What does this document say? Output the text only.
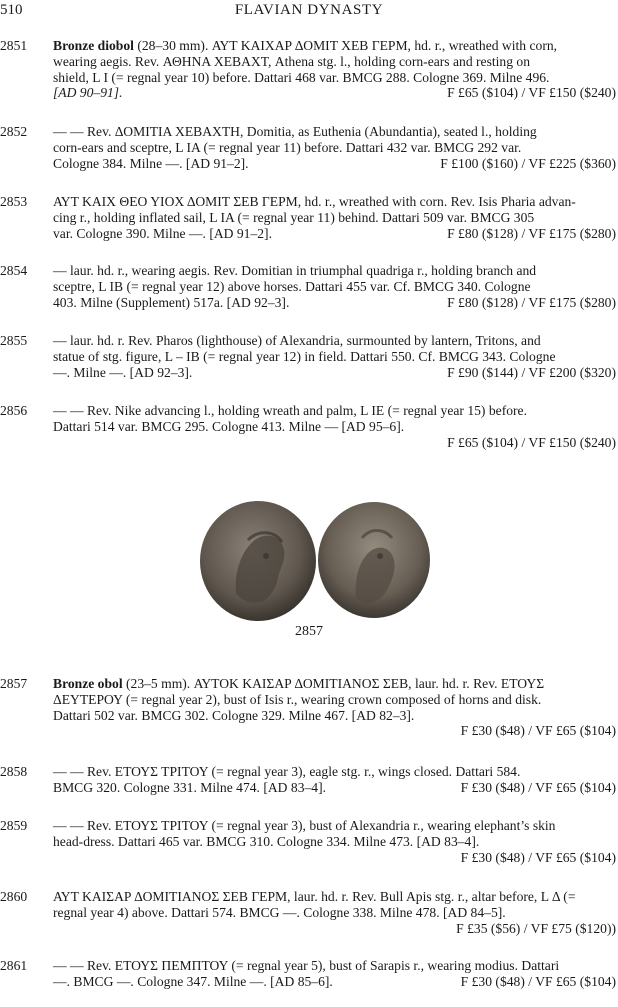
510	FLAVIAN DYNASTY
2851	Bronze diobol (28–30 mm). ΑΥΤ ΚΑΙΧΑΡ ΔΟΜΙΤ ΧΕΒ ΓΕΡΜ, hd. r., wreathed with corn,
wearing aegis. Rev. ΑΘΗΝΑ ΧΕΒΑΧΤ, Athena stg. l., holding corn-ears and resting on
shield, L I (= regnal year 10) before. Dattari 468 var. BMCG 288. Cologne 369. Milne 496.
[AD 90–91].	F £65 ($104) / VF £150 ($240)
2852	— — Rev. ΔΟΜΙΤΙΑ ΧΕΒΑΧΤΗ, Domitia, as Euthenia (Abundantia), seated l., holding
corn-ears and sceptre, L ΙΑ (= regnal year 11) before. Dattari 432 var. BMCG 292 var.
Cologne 384. Milne —. [AD 91–2].	F £100 ($160) / VF £225 ($360)
2853	ΑΥΤ ΚΑΙΧ ΘΕΟ ΥΙΟΧ ΔΟΜΙΤ ΣΕΒ ΓΕΡΜ, hd. r., wreathed with corn. Rev. Isis Pharia advan-
cing r., holding inflated sail, L ΙΑ (= regnal year 11) behind. Dattari 509 var. BMCG 305
var. Cologne 390. Milne —. [AD 91–2].	F £80 ($128) / VF £175 ($280)
2854	— laur. hd. r., wearing aegis. Rev. Domitian in triumphal quadriga r., holding branch and
sceptre, L ΙΒ (= regnal year 12) above horses. Dattari 455 var. Cf. BMCG 340. Cologne
403. Milne (Supplement) 517a. [AD 92–3].	F £80 ($128) / VF £175 ($280)
2855	— laur. hd. r. Rev. Pharos (lighthouse) of Alexandria, surmounted by lantern, Tritons, and
statue of stg. figure, L – ΙΒ (= regnal year 12) in field. Dattari 550. Cf. BMCG 343. Cologne
—. Milne —. [AD 92–3].	F £90 ($144) / VF £200 ($320)
2856	— — Rev. Nike advancing l., holding wreath and palm, L ΙΕ (= regnal year 15) before.
Dattari 514 var. BMCG 295. Cologne 413. Milne — [AD 95–6].
F £65 ($104) / VF £150 ($240)
2857
2857	Bronze obol (23–5 mm). ΑΥΤΟΚ ΚΑΙΣΑΡ ΔΟΜΙΤΙΑΝΟΣ ΣΕΒ, laur. hd. r. Rev. ΕΤΟΥΣ
ΔΕΥΤΕΡΟΥ (= regnal year 2), bust of Isis r., wearing crown composed of horns and disk.
Dattari 502 var. BMCG 302. Cologne 329. Milne 467. [AD 82–3].
F £30 ($48) / VF £65 ($104)
2858	— — Rev. ΕΤΟΥΣ ΤΡΙΤΟΥ (= regnal year 3), eagle stg. r., wings closed. Dattari 584.
BMCG 320. Cologne 331. Milne 474. [AD 83–4].	F £30 ($48) / VF £65 ($104)
2859	— — Rev. ΕΤΟΥΣ ΤΡΙΤΟΥ (= regnal year 3), bust of Alexandria r., wearing elephant’s skin
head-dress. Dattari 465 var. BMCG 310. Cologne 334. Milne 473. [AD 83–4].
F £30 ($48) / VF £65 ($104)
2860	ΑΥΤ ΚΑΙΣΑΡ ΔΟΜΙΤΙΑΝΟΣ ΣΕΒ ΓΕΡΜ, laur. hd. r. Rev. Bull Apis stg. r., altar before, L Δ (=
regnal year 4) above. Dattari 574. BMCG —. Cologne 338. Milne 478. [AD 84–5].
F £35 ($56) / VF £75 ($120))
2861	— — Rev. ΕΤΟΥΣ ΠΕΜΠΤΟΥ (= regnal year 5), bust of Sarapis r., wearing modius. Dattari
—. BMCG —. Cologne 347. Milne —. [AD 85–6].	F £30 ($48) / VF £65 ($104)
